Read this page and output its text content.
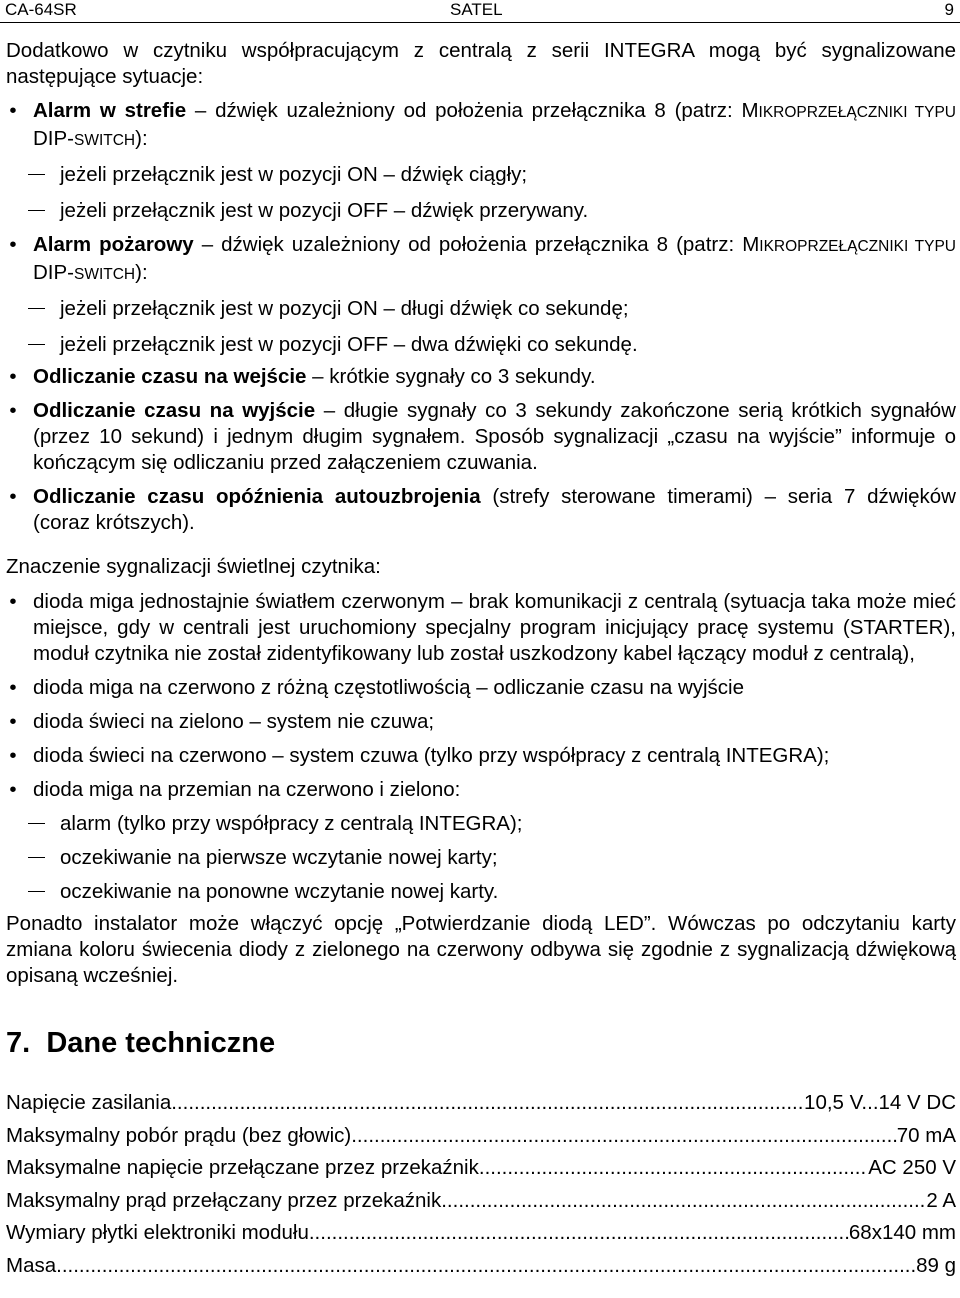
CA-64SR	SATEL	9

Dodatkowo w czytniku współpracującym z centralą z serii INTEGRA mogą być sygnalizowane następujące sytuacje:

• Alarm w strefie – dźwięk uzależniony od położenia przełącznika 8 (patrz: MIKROPRZEŁĄCZNIKI TYPU DIP-SWITCH):

jeżeli przełącznik jest w pozycji ON – dźwięk ciągły;

jeżeli przełącznik jest w pozycji OFF – dźwięk przerywany.

• Alarm pożarowy – dźwięk uzależniony od położenia przełącznika 8 (patrz: MIKROPRZEŁĄCZNIKI TYPU DIP-SWITCH):

jeżeli przełącznik jest w pozycji ON – długi dźwięk co sekundę;

jeżeli przełącznik jest w pozycji OFF – dwa dźwięki co sekundę.

• Odliczanie czasu na wejście – krótkie sygnały co 3 sekundy.

• Odliczanie czasu na wyjście – długie sygnały co 3 sekundy zakończone serią krótkich sygnałów (przez 10 sekund) i jednym długim sygnałem. Sposób sygnalizacji „czasu na wyjście” informuje o kończącym się odliczaniu przed załączeniem czuwania.

• Odliczanie czasu opóźnienia autouzbrojenia (strefy sterowane timerami) – seria 7 dźwięków (coraz krótszych).

Znaczenie sygnalizacji świetlnej czytnika:

• dioda miga jednostajnie światłem czerwonym – brak komunikacji z centralą (sytuacja taka może mieć miejsce, gdy w centrali jest uruchomiony specjalny program inicjujący pracę systemu (STARTER), moduł czytnika nie został zidentyfikowany lub został uszkodzony kabel łączący moduł z centralą),

• dioda miga na czerwono z różną częstotliwością – odliczanie czasu na wyjście

• dioda świeci na zielono – system nie czuwa;

• dioda świeci na czerwono – system czuwa (tylko przy współpracy z centralą INTEGRA);

• dioda miga na przemian na czerwono i zielono:

alarm (tylko przy współpracy z centralą INTEGRA);

oczekiwanie na pierwsze wczytanie nowej karty;

oczekiwanie na ponowne wczytanie nowej karty.

Ponadto instalator może włączyć opcję „Potwierdzanie diodą LED”. Wówczas po odczytaniu karty zmiana koloru świecenia diody z zielonego na czerwony odbywa się zgodnie z sygnalizacją dźwiękową opisaną wcześniej.

7. Dane techniczne
Napięcie zasilania .....	10,5 V...14 V DC
Maksymalny pobór prądu (bez głowic) .....	70 mA
Maksymalne napięcie przełączane przez przekaźnik .....	AC 250 V
Maksymalny prąd przełączany przez przekaźnik .....	2 A
Wymiary płytki elektroniki modułu .....	68x140 mm
Masa .....	89 g
